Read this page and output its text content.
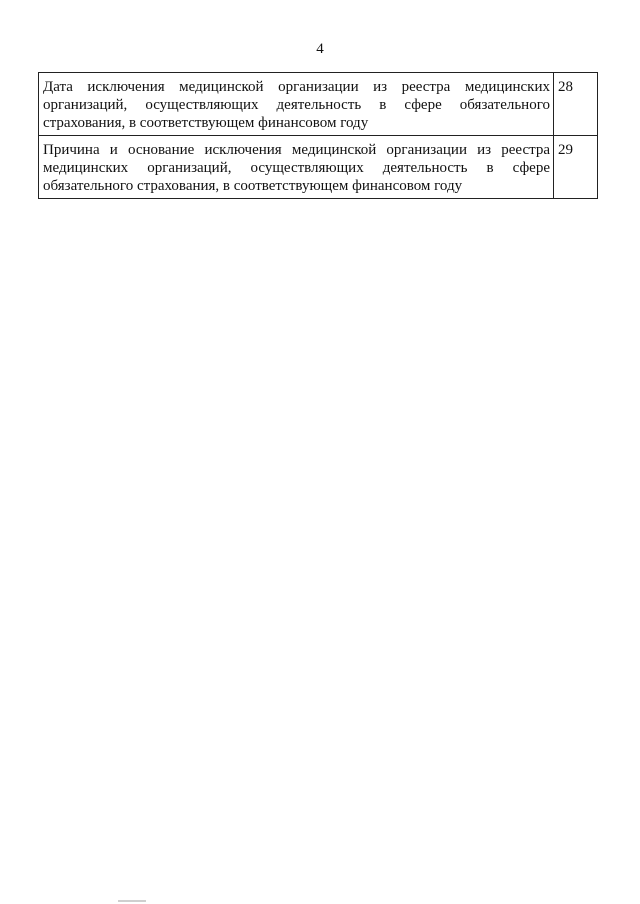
4
Дата исключения медицинской организации из реестра медицинских организаций, осуществляющих деятельность в сфере обязательного страхования, в соответствующем финансовом году	28
Причина и основание исключения медицинской организации из реестра медицинских организаций, осуществляющих деятельность в сфере обязательного страхования, в соответствующем финансовом году	29
